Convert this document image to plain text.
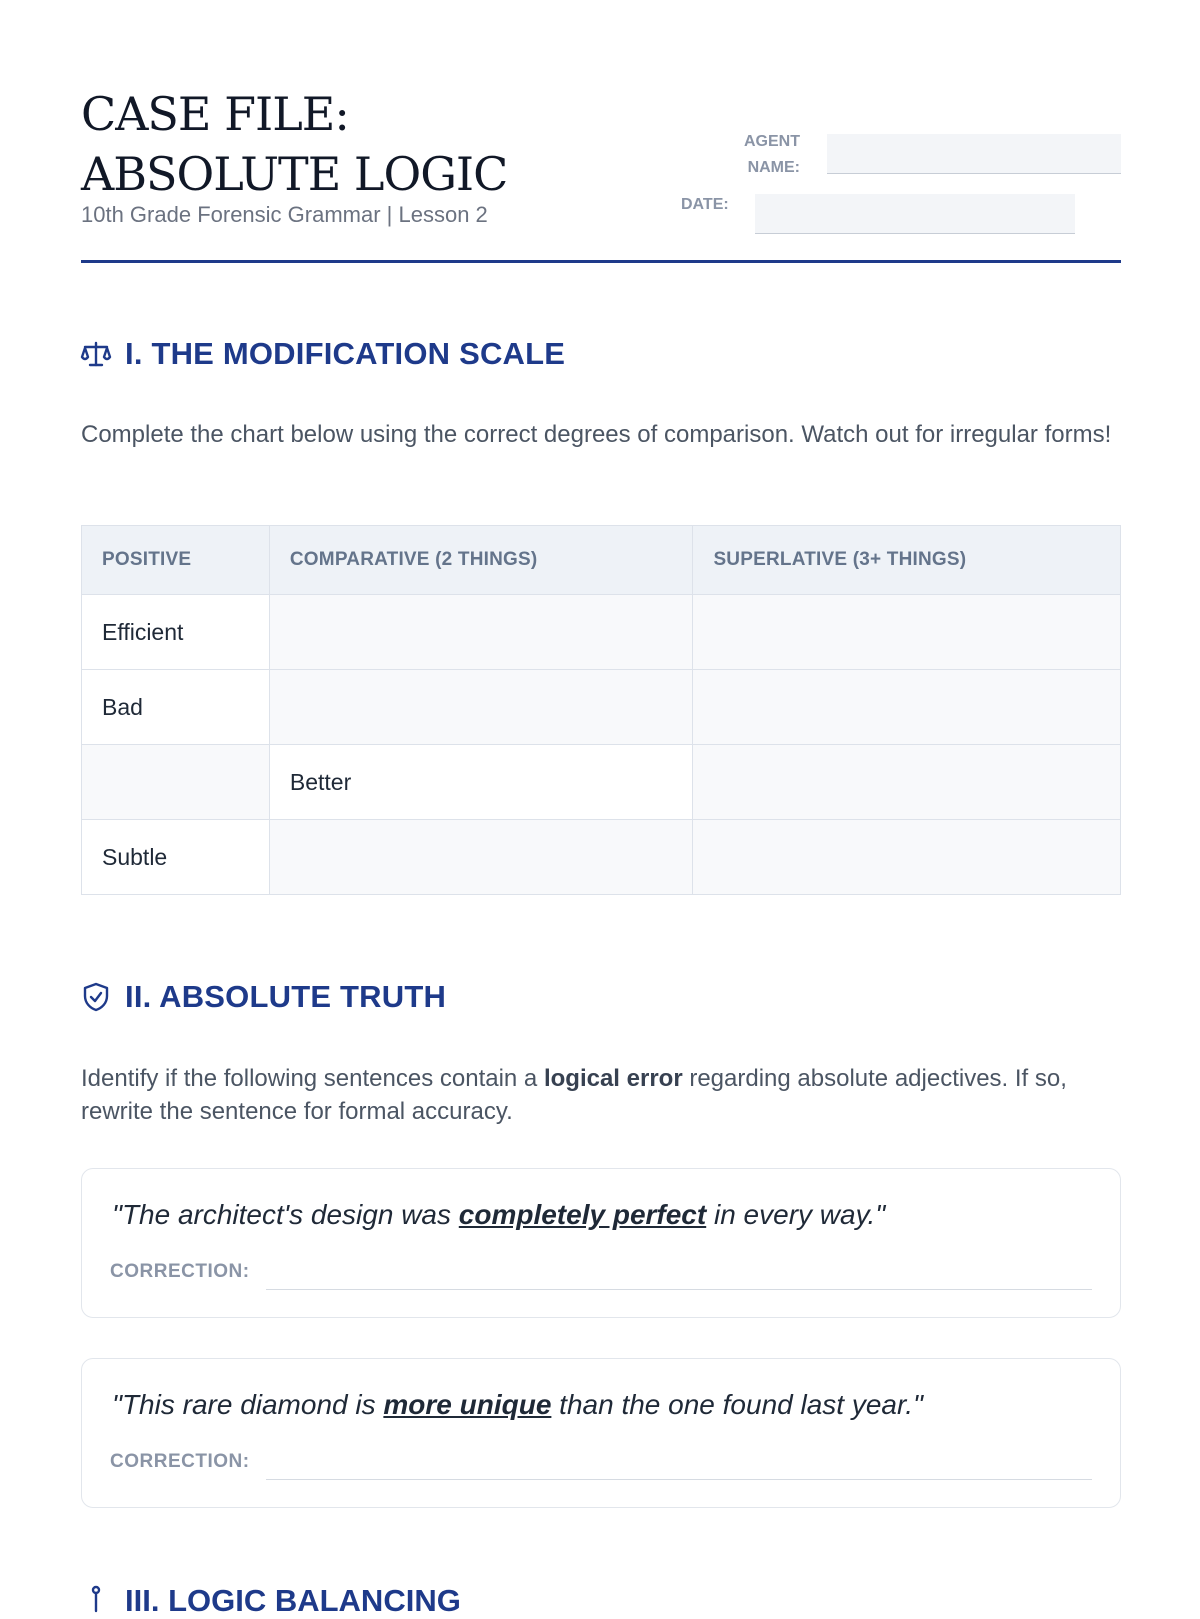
CASE FILE: ABSOLUTE LOGIC
10th Grade Forensic Grammar | Lesson 2
AGENT
NAME:
DATE:
I. THE MODIFICATION SCALE

Complete the chart below using the correct degrees of comparison. Watch out for irregular forms!

POSITIVE	COMPARATIVE (2 THINGS)	SUPERLATIVE (3+ THINGS)
Efficient		
Bad		
	Better	
Subtle		
II. ABSOLUTE TRUTH

Identify if the following sentences contain a logical error regarding absolute adjectives. If so, rewrite the sentence for formal accuracy.

"The architect's design was completely perfect in every way."
CORRECTION:
"This rare diamond is more unique than the one found last year."
CORRECTION:
III. LOGIC BALANCING
